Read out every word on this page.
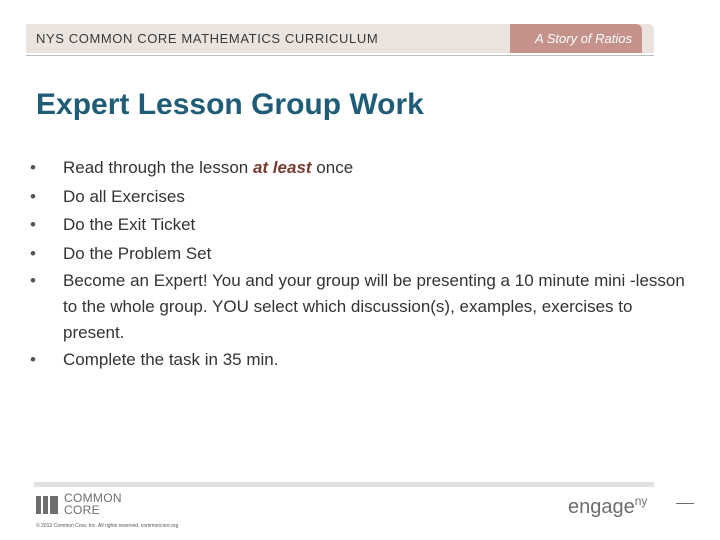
NYS COMMON CORE MATHEMATICS CURRICULUM	A Story of Ratios
Expert Lesson Group Work
• Read through the lesson at least once
• Do all Exercises
• Do the Exit Ticket
• Do the Problem Set
• Become an Expert! You and your group will be presenting a 10 minute mini -lesson to the whole group. YOU select which discussion(s), examples, exercises to present.
• Complete the task in 35 min.
COMMON
CORE
© 2012 Common Core, Inc. All rights reserved. commoncore.org
engage$^{ny}$
